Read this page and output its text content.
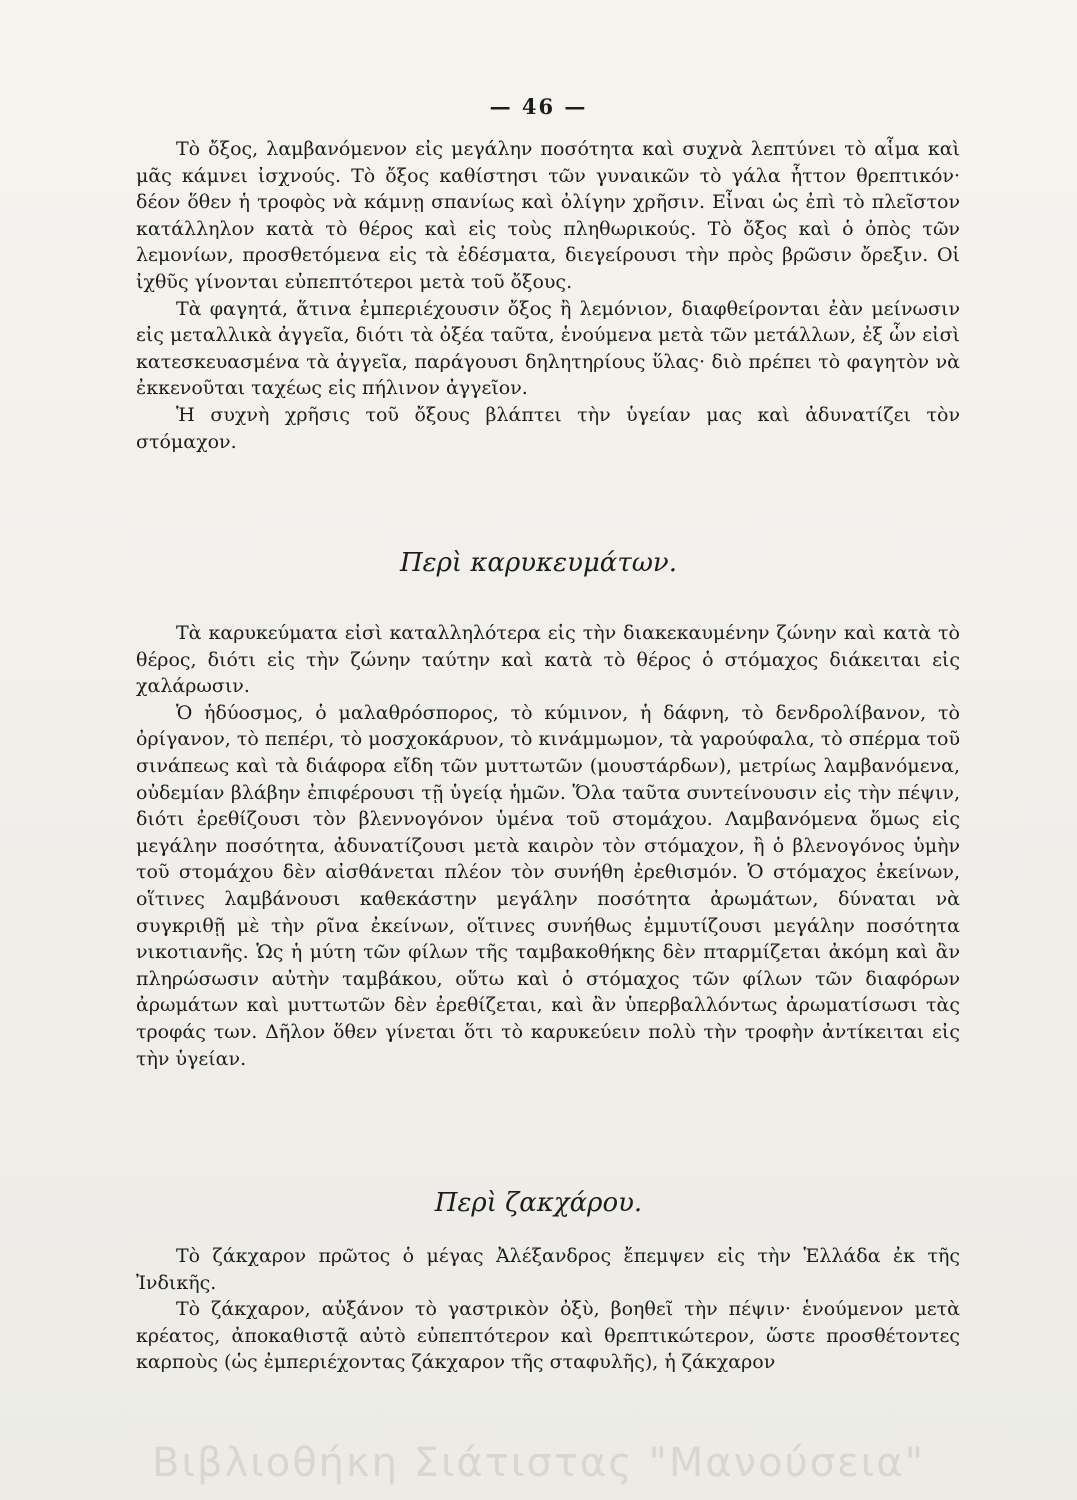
— 46 —

Τὸ ὄξος, λαμβανόμενον εἰς μεγάλην ποσότητα καὶ συχνὰ λεπτύνει τὸ αἷμα καὶ μᾶς κάμνει ἰσχνούς. Τὸ ὄξος καθίστησι τῶν γυναικῶν τὸ γάλα ἧττον θρεπτικόν· δέον ὅθεν ἡ τροφὸς νὰ κάμνῃ σπανίως καὶ ὀλίγην χρῆσιν. Εἶναι ὡς ἐπὶ τὸ πλεῖστον κατάλληλον κατὰ τὸ θέρος καὶ εἰς τοὺς πληθωρικούς. Τὸ ὄξος καὶ ὁ ὀπὸς τῶν λεμονίων, προσθετόμενα εἰς τὰ ἐδέσματα, διεγείρουσι τὴν πρὸς βρῶσιν ὄρεξιν. Οἱ ἰχθῦς γίνονται εὐπεπτότεροι μετὰ τοῦ ὄξους.

Τὰ φαγητά, ἅτινα ἐμπεριέχουσιν ὄξος ἢ λεμόνιον, διαφθείρονται ἐὰν μείνωσιν εἰς μεταλλικὰ ἀγγεῖα, διότι τὰ ὀξέα ταῦτα, ἑνούμενα μετὰ τῶν μετάλλων, ἐξ ὧν εἰσὶ κατεσκευασμένα τὰ ἀγγεῖα, παράγουσι δηλητηρίους ὕλας· διὸ πρέπει τὸ φαγητὸν νὰ ἐκκενοῦται ταχέως εἰς πήλινον ἀγγεῖον.

Ἡ συχνὴ χρῆσις τοῦ ὄξους βλάπτει τὴν ὑγείαν μας καὶ ἀδυνατίζει τὸν στόμαχον.

Περὶ καρυκευμάτων.

Τὰ καρυκεύματα εἰσὶ καταλληλότερα εἰς τὴν διακεκαυμένην ζώνην καὶ κατὰ τὸ θέρος, διότι εἰς τὴν ζώνην ταύτην καὶ κατὰ τὸ θέρος ὁ στόμαχος διάκειται εἰς χαλάρωσιν.

Ὁ ἡδύοσμος, ὁ μαλαθρόσπορος, τὸ κύμινον, ἡ δάφνη, τὸ δενδρολίβανον, τὸ ὀρίγανον, τὸ πεπέρι, τὸ μοσχοκάρυον, τὸ κινάμμωμον, τὰ γαρούφαλα, τὸ σπέρμα τοῦ σινάπεως καὶ τὰ διάφορα εἴδη τῶν μυττωτῶν (μουστάρδων), μετρίως λαμβανόμενα, οὐδεμίαν βλάβην ἐπιφέρουσι τῇ ὑγείᾳ ἡμῶν. Ὅλα ταῦτα συντείνουσιν εἰς τὴν πέψιν, διότι ἐρεθίζουσι τὸν βλεννογόνον ὑμένα τοῦ στομάχου. Λαμβανόμενα ὅμως εἰς μεγάλην ποσότητα, ἀδυνατίζουσι μετὰ καιρὸν τὸν στόμαχον, ἢ ὁ βλενογόνος ὑμὴν τοῦ στομάχου δὲν αἰσθάνεται πλέον τὸν συνήθη ἐρεθισμόν. Ὁ στόμαχος ἐκείνων, οἵτινες λαμβάνουσι καθεκάστην μεγάλην ποσότητα ἀρωμάτων, δύναται νὰ συγκριθῇ μὲ τὴν ρῖνα ἐκείνων, οἵτινες συνήθως ἐμμυτίζουσι μεγάλην ποσότητα νικοτιανῆς. Ὡς ἡ μύτη τῶν φίλων τῆς ταμβακοθήκης δὲν πταρμίζεται ἀκόμη καὶ ἂν πληρώσωσιν αὐτὴν ταμβάκου, οὕτω καὶ ὁ στόμαχος τῶν φίλων τῶν διαφόρων ἀρωμάτων καὶ μυττωτῶν δὲν ἐρεθίζεται, καὶ ἂν ὑπερβαλλόντως ἀρωματίσωσι τὰς τροφάς των. Δῆλον ὅθεν γίνεται ὅτι τὸ καρυκεύειν πολὺ τὴν τροφὴν ἀντίκειται εἰς τὴν ὑγείαν.

Περὶ ζακχάρου.

Τὸ ζάκχαρον πρῶτος ὁ μέγας Ἀλέξανδρος ἔπεμψεν εἰς τὴν Ἑλλάδα ἐκ τῆς Ἰνδικῆς.

Τὸ ζάκχαρον, αὐξάνον τὸ γαστρικὸν ὀξὺ, βοηθεῖ τὴν πέψιν· ἑνούμενον μετὰ κρέατος, ἀποκαθιστᾷ αὐτὸ εὐπεπτότερον καὶ θρεπτικώτερον, ὥστε προσθέτοντες καρποὺς (ὡς ἐμπεριέχοντας ζάκχαρον τῆς σταφυλῆς), ἡ ζάκχαρον

Βιβλιοθήκη Σιάτιστας "Μανούσεια"
